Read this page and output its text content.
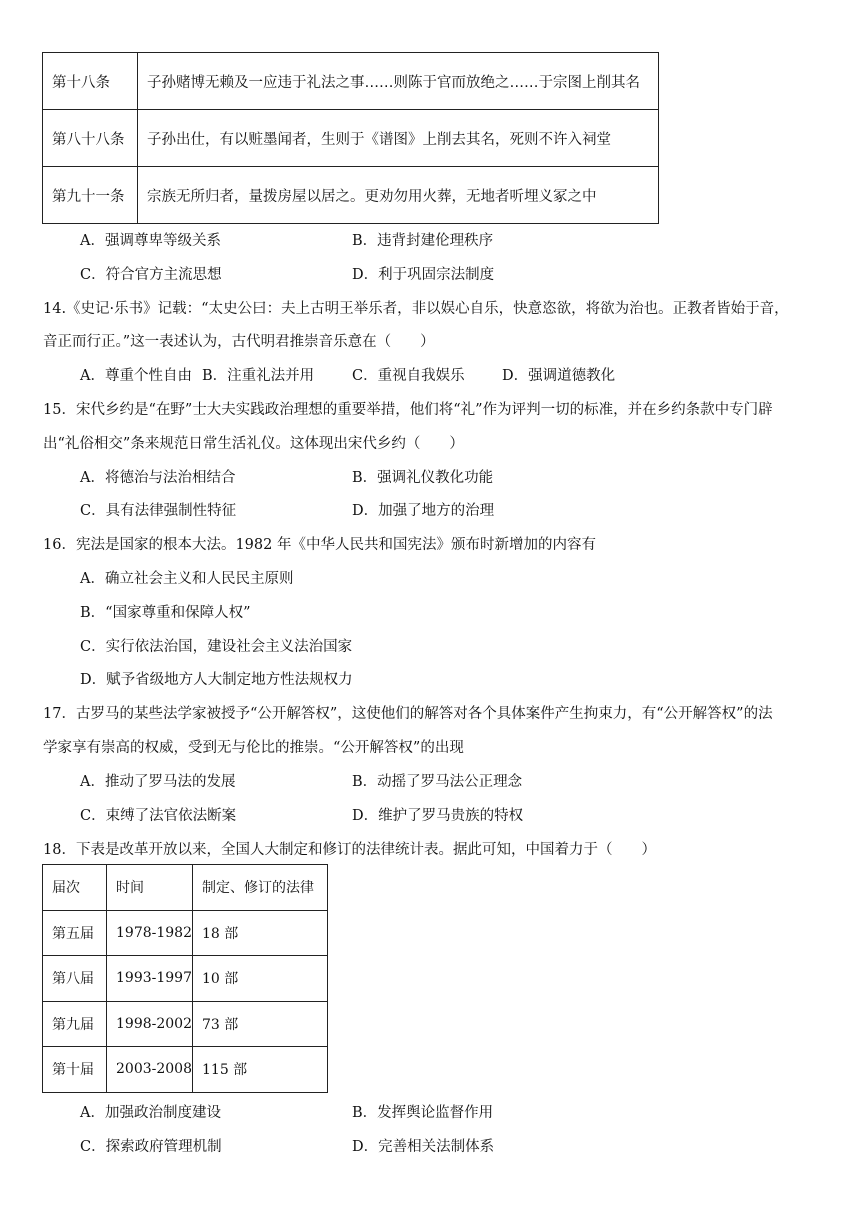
第十八条	子孙赌博无赖及一应违于礼法之事……则陈于官而放绝之……于宗图上削其名
第八十八条	子孙出仕，有以赃墨闻者，生则于《谱图》上削去其名，死则不许入祠堂
第九十一条	宗族无所归者，量拨房屋以居之。更劝勿用火葬，无地者听埋义冢之中
A．强调尊卑等级关系	B．违背封建伦理秩序
C．符合官方主流思想	D．利于巩固宗法制度
14.《史记·乐书》记载：“太史公曰：夫上古明王举乐者，非以娱心自乐，快意恣欲，将欲为治也。正教者皆始于音，
音正而行正。”这一表述认为，古代明君推崇音乐意在（　　）
A．尊重个性自由 B．注重礼法并用	C．重视自我娱乐	D．强调道德教化
15．宋代乡约是“在野”士大夫实践政治理想的重要举措，他们将“礼”作为评判一切的标准，并在乡约条款中专门辟
出“礼俗相交”条来规范日常生活礼仪。这体现出宋代乡约（　　）
A．将德治与法治相结合	B．强调礼仪教化功能
C．具有法律强制性特征	D．加强了地方的治理
16．宪法是国家的根本大法。1982 年《中华人民共和国宪法》颁布时新增加的内容有
A．确立社会主义和人民民主原则
B．“国家尊重和保障人权”
C．实行依法治国，建设社会主义法治国家
D．赋予省级地方人大制定地方性法规权力
17．古罗马的某些法学家被授予“公开解答权”，这使他们的解答对各个具体案件产生拘束力，有“公开解答权”的法
学家享有崇高的权威，受到无与伦比的推崇。“公开解答权”的出现
A．推动了罗马法的发展	B．动摇了罗马法公正理念
C．束缚了法官依法断案	D．维护了罗马贵族的特权
18．下表是改革开放以来，全国人大制定和修订的法律统计表。据此可知，中国着力于（　　）
届次	时间	制定、修订的法律
第五届	1978-1982	18 部
第八届	1993-1997	10 部
第九届	1998-2002	73 部
第十届	2003-2008	115 部
A．加强政治制度建设	B．发挥舆论监督作用
C．探索政府管理机制	D．完善相关法制体系
